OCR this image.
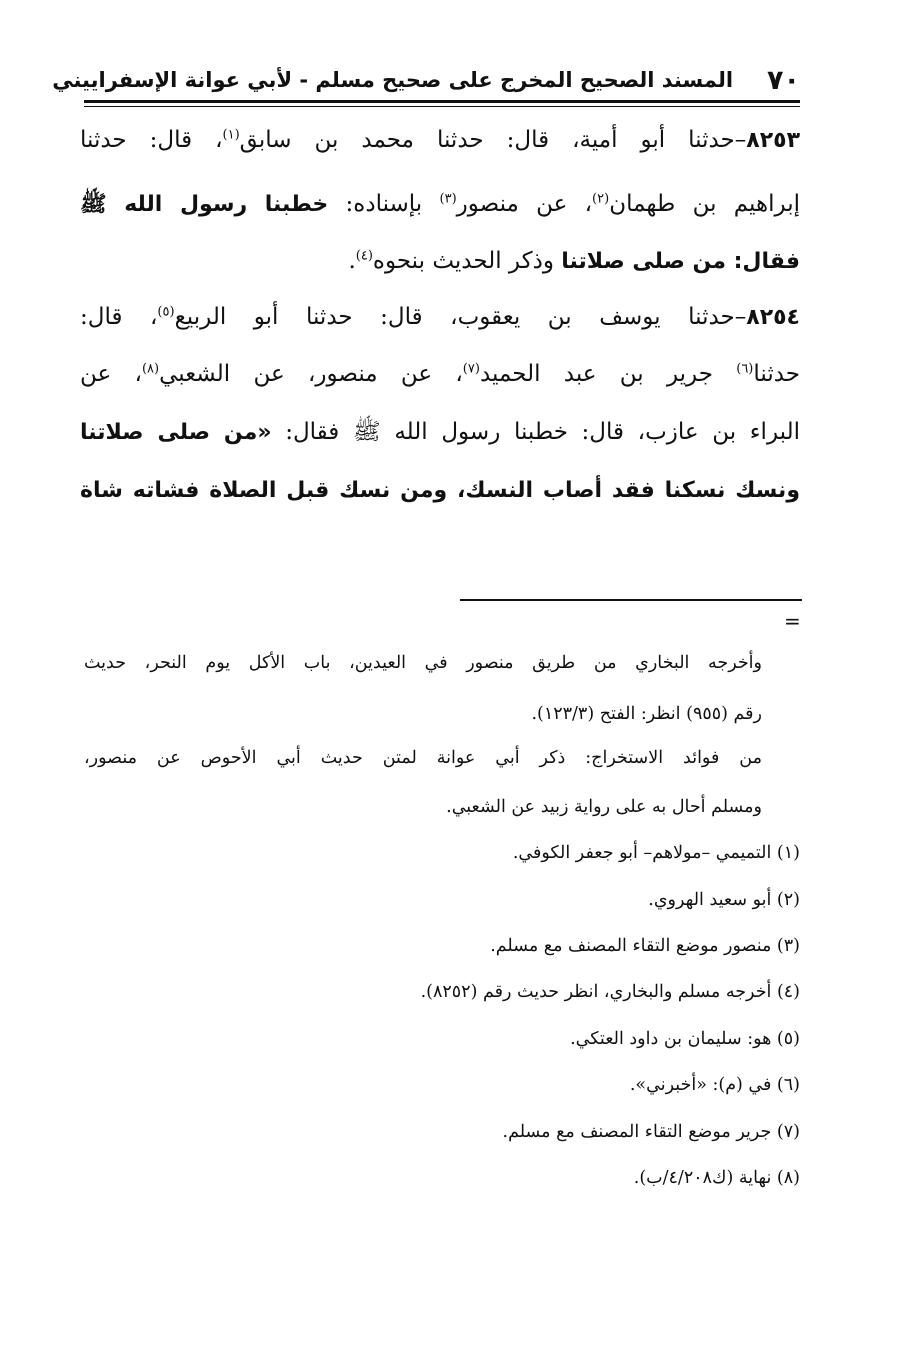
٧٠
المسند الصحيح المخرج على صحيح مسلم - لأبي عوانة الإسفراييني
٨٢٥٣–حدثنا أبو أمية، قال: حدثنا محمد بن سابق$^{(١)}$، قال: حدثنا
إبراهيم بن طهمان$^{(٢)}$، عن منصور$^{(٣)}$ بإسناده: خطبنا رسول الله ﷺ
فقال: من صلى صلاتنا وذكر الحديث بنحوه$^{(٤)}$.
٨٢٥٤–حدثنا يوسف بن يعقوب، قال: حدثنا أبو الربيع$^{(٥)}$، قال:
حدثنا$^{(٦)}$ جرير بن عبد الحميد$^{(٧)}$، عن منصور، عن الشعبي$^{(٨)}$، عن
البراء بن عازب، قال: خطبنا رسول الله ﷺ فقال: «من صلى صلاتنا
ونسك نسكنا فقد أصاب النسك، ومن نسك قبل الصلاة فشاته شاة
=
وأخرجه البخاري من طريق منصور في العيدين، باب الأكل يوم النحر، حديث
رقم (٩٥٥) انظر: الفتح (١٢٣/٣).
من فوائد الاستخراج: ذكر أبي عوانة لمتن حديث أبي الأحوص عن منصور،
ومسلم أحال به على رواية زبيد عن الشعبي.
(١) التميمي –مولاهم– أبو جعفر الكوفي.
(٢) أبو سعيد الهروي.
(٣) منصور موضع التقاء المصنف مع مسلم.
(٤) أخرجه مسلم والبخاري، انظر حديث رقم (٨٢٥٢).
(٥) هو: سليمان بن داود العتكي.
(٦) في (م): «أخبرني».
(٧) جرير موضع التقاء المصنف مع مسلم.
(٨) نهاية (ك٤/٢٠٨/ب).
